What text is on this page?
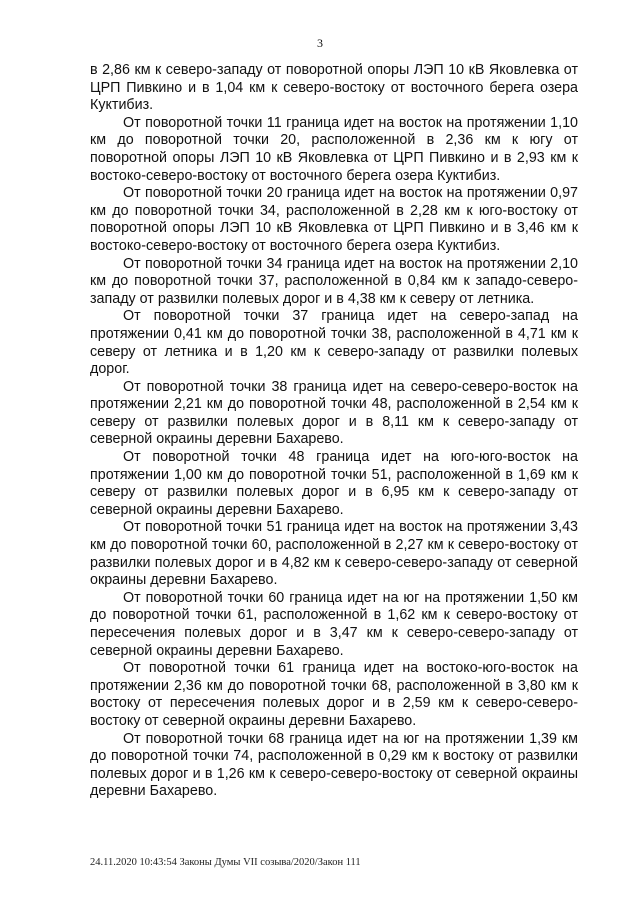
3

в 2,86 км к северо-западу от поворотной опоры ЛЭП 10 кВ Яковлевка от ЦРП Пивкино и в 1,04 км к северо-востоку от восточного берега озера Куктибиз.

От поворотной точки 11 граница идет на восток на протяжении 1,10 км до поворотной точки 20, расположенной в 2,36 км к югу от поворотной опоры ЛЭП 10 кВ Яковлевка от ЦРП Пивкино и в 2,93 км к востоко-северо-востоку от восточного берега озера Куктибиз.

От поворотной точки 20 граница идет на восток на протяжении 0,97 км до поворотной точки 34, расположенной в 2,28 км к юго-востоку от поворотной опоры ЛЭП 10 кВ Яковлевка от ЦРП Пивкино и в 3,46 км к востоко-северо-востоку от восточного берега озера Куктибиз.

От поворотной точки 34 граница идет на восток на протяжении 2,10 км до поворотной точки 37, расположенной в 0,84 км к западо-северо-западу от развилки полевых дорог и в 4,38 км к северу от летника.

От поворотной точки 37 граница идет на северо-запад на протяжении 0,41 км до поворотной точки 38, расположенной в 4,71 км к северу от летника и в 1,20 км к северо-западу от развилки полевых дорог.

От поворотной точки 38 граница идет на северо-северо-восток на протяжении 2,21 км до поворотной точки 48, расположенной в 2,54 км к северу от развилки полевых дорог и в 8,11 км к северо-западу от северной окраины деревни Бахарево.

От поворотной точки 48 граница идет на юго-юго-восток на протяжении 1,00 км до поворотной точки 51, расположенной в 1,69 км к северу от развилки полевых дорог и в 6,95 км к северо-западу от северной окраины деревни Бахарево.

От поворотной точки 51 граница идет на восток на протяжении 3,43 км до поворотной точки 60, расположенной в 2,27 км к северо-востоку от развилки полевых дорог и в 4,82 км к северо-северо-западу от северной окраины деревни Бахарево.

От поворотной точки 60 граница идет на юг на протяжении 1,50 км до поворотной точки 61, расположенной в 1,62 км к северо-востоку от пересечения полевых дорог и в 3,47 км к северо-северо-западу от северной окраины деревни Бахарево.

От поворотной точки 61 граница идет на востоко-юго-восток на протяжении 2,36 км до поворотной точки 68, расположенной в 3,80 км к востоку от пересечения полевых дорог и в 2,59 км к северо-северо-востоку от северной окраины деревни Бахарево.

От поворотной точки 68 граница идет на юг на протяжении 1,39 км до поворотной точки 74, расположенной в 0,29 км к востоку от развилки полевых дорог и в 1,26 км к северо-северо-востоку от северной окраины деревни Бахарево.

24.11.2020 10:43:54 Законы Думы VII созыва/2020/Закон 111
